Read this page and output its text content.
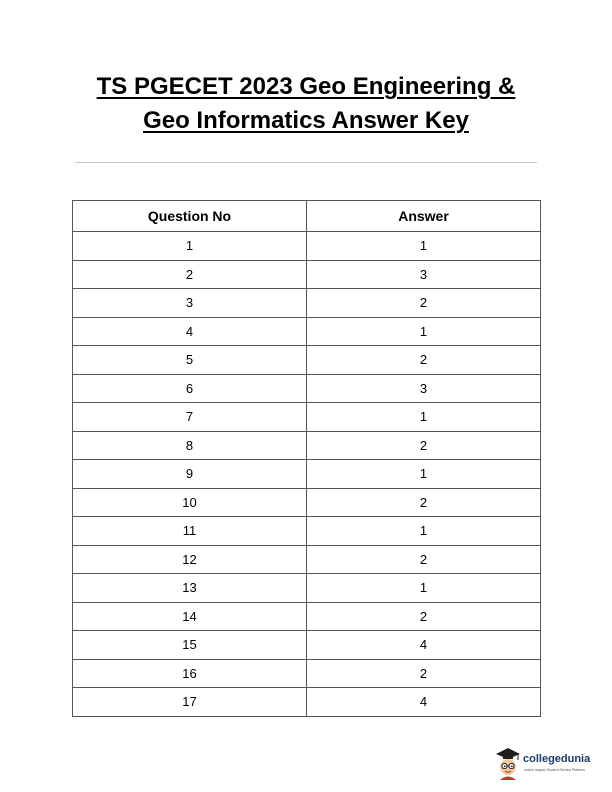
TS PGECET 2023 Geo Engineering &
Geo Informatics Answer Key
Question No	Answer
1	1
2	3
3	2
4	1
5	2
6	3
7	1
8	2
9	1
10	2
11	1
12	2
13	1
14	2
15	4
16	2
17	4
collegedunia
India's largest Student Review Platform
